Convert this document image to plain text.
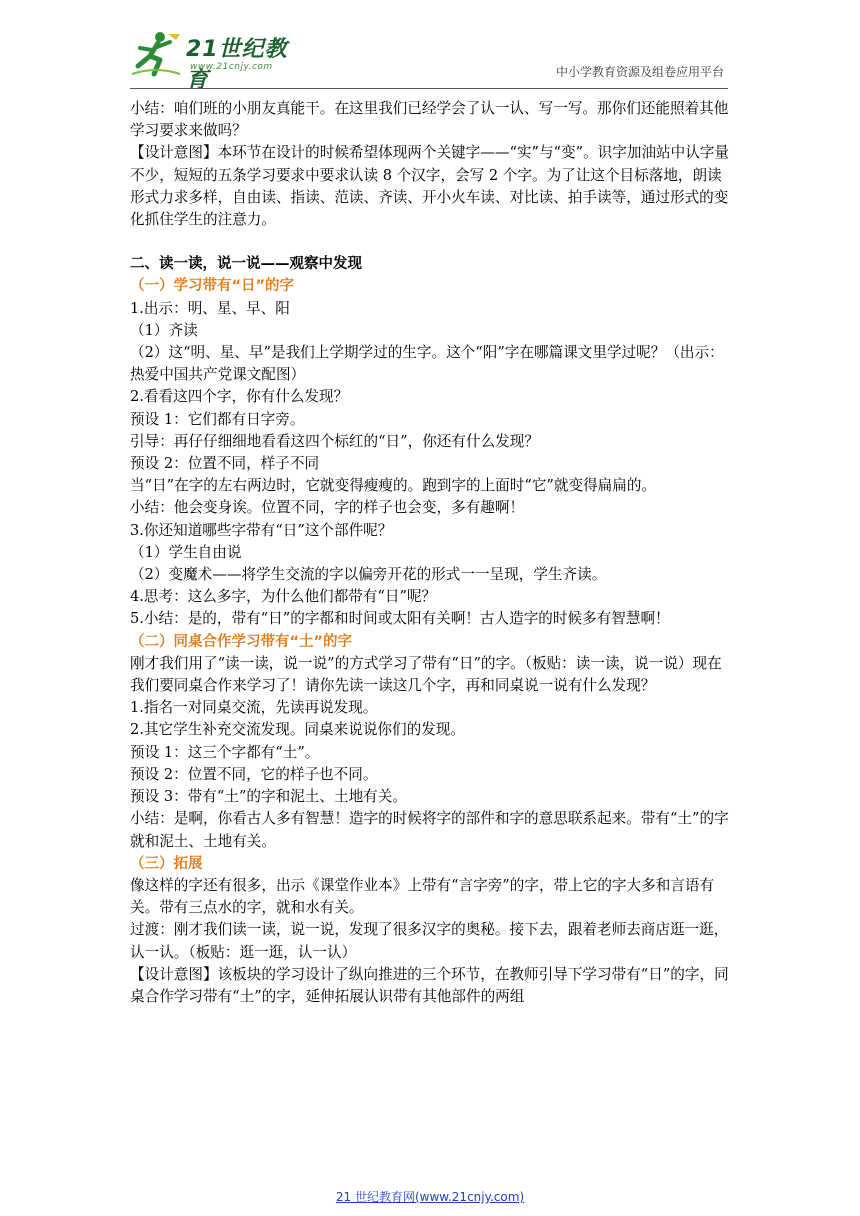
21世纪教育
www.21cnjy.com	中小学教育资源及组卷应用平台

小结：咱们班的小朋友真能干。在这里我们已经学会了认一认、写一写。那你们还能照着其他学习要求来做吗？

【设计意图】本环节在设计的时候希望体现两个关键字——“实”与“变”。识字加油站中认字量不少，短短的五条学习要求中要求认读 8 个汉字，会写 2 个字。为了让这个目标落地，朗读形式力求多样，自由读、指读、范读、齐读、开小火车读、对比读、拍手读等，通过形式的变化抓住学生的注意力。

二、读一读，说一说——观察中发现

（一）学习带有“日”的字

1.出示：明、星、早、阳

（1）齐读

（2）这“明、星、早”是我们上学期学过的生字。这个“阳”字在哪篇课文里学过呢？（出示：热爱中国共产党课文配图）

2.看看这四个字，你有什么发现？

预设 1：它们都有日字旁。

引导：再仔仔细细地看看这四个标红的“日”，你还有什么发现？

预设 2：位置不同，样子不同

当“日”在字的左右两边时，它就变得瘦瘦的。跑到字的上面时“它”就变得扁扁的。

小结：他会变身诶。位置不同，字的样子也会变，多有趣啊！

3.你还知道哪些字带有“日”这个部件呢？

（1）学生自由说

（2）变魔术——将学生交流的字以偏旁开花的形式一一呈现，学生齐读。

4.思考：这么多字，为什么他们都带有“日”呢？

5.小结：是的，带有“日”的字都和时间或太阳有关啊！古人造字的时候多有智慧啊！

（二）同桌合作学习带有“土”的字

刚才我们用了“读一读，说一说”的方式学习了带有“日”的字。（板贴：读一读，说一说）现在我们要同桌合作来学习了！请你先读一读这几个字，再和同桌说一说有什么发现？

1.指名一对同桌交流，先读再说发现。

2.其它学生补充交流发现。同桌来说说你们的发现。

预设 1：这三个字都有“土”。

预设 2：位置不同，它的样子也不同。

预设 3：带有“土”的字和泥土、土地有关。

小结：是啊，你看古人多有智慧！造字的时候将字的部件和字的意思联系起来。带有“土”的字就和泥土、土地有关。

（三）拓展

像这样的字还有很多，出示《课堂作业本》上带有“言字旁”的字，带上它的字大多和言语有关。带有三点水的字，就和水有关。

过渡：刚才我们读一读，说一说，发现了很多汉字的奥秘。接下去，跟着老师去商店逛一逛，认一认。（板贴：逛一逛，认一认）

【设计意图】该板块的学习设计了纵向推进的三个环节，在教师引导下学习带有“日”的字，同桌合作学习带有“土”的字，延伸拓展认识带有其他部件的两组

21 世纪教育网(www.21cnjy.com)
